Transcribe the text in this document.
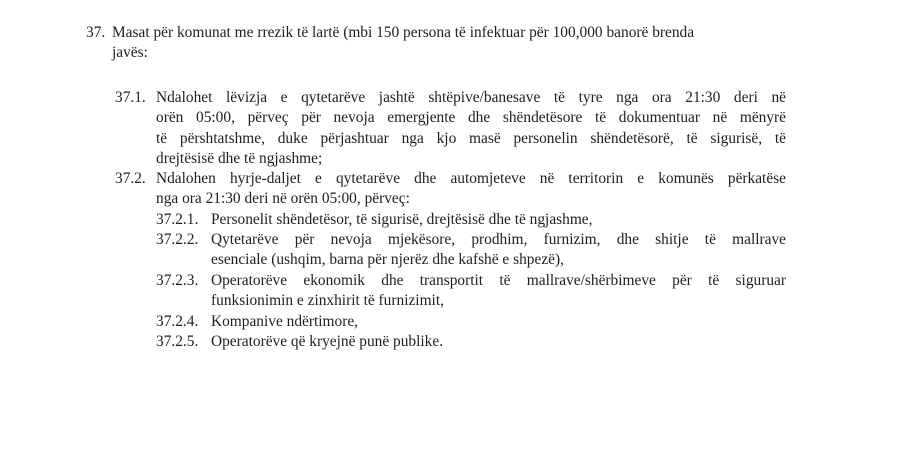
37. Masat për komunat me rrezik të lartë (mbi 150 persona të infektuar për 100,000 banorë brenda
javës:
37.1. Ndalohet lëvizja e qytetarëve jashtë shtëpive/banesave të tyre nga ora 21:30 deri në
orën 05:00, përveç për nevoja emergjente dhe shëndetësore të dokumentuar në mënyrë
të përshtatshme, duke përjashtuar nga kjo masë personelin shëndetësorë, të sigurisë, të
drejtësisë dhe të ngjashme;
37.2. Ndalohen hyrje-daljet e qytetarëve dhe automjeteve në territorin e komunës përkatëse
nga ora 21:30 deri në orën 05:00, përveç:
37.2.1. Personelit shëndetësor, të sigurisë, drejtësisë dhe të ngjashme,
37.2.2. Qytetarëve për nevoja mjekësore, prodhim, furnizim, dhe shitje të mallrave
esenciale (ushqim, barna për njerëz dhe kafshë e shpezë),
37.2.3. Operatorëve ekonomik dhe transportit të mallrave/shërbimeve për të siguruar
funksionimin e zinxhirit të furnizimit,
37.2.4. Kompanive ndërtimore,
37.2.5. Operatorëve që kryejnë punë publike.
